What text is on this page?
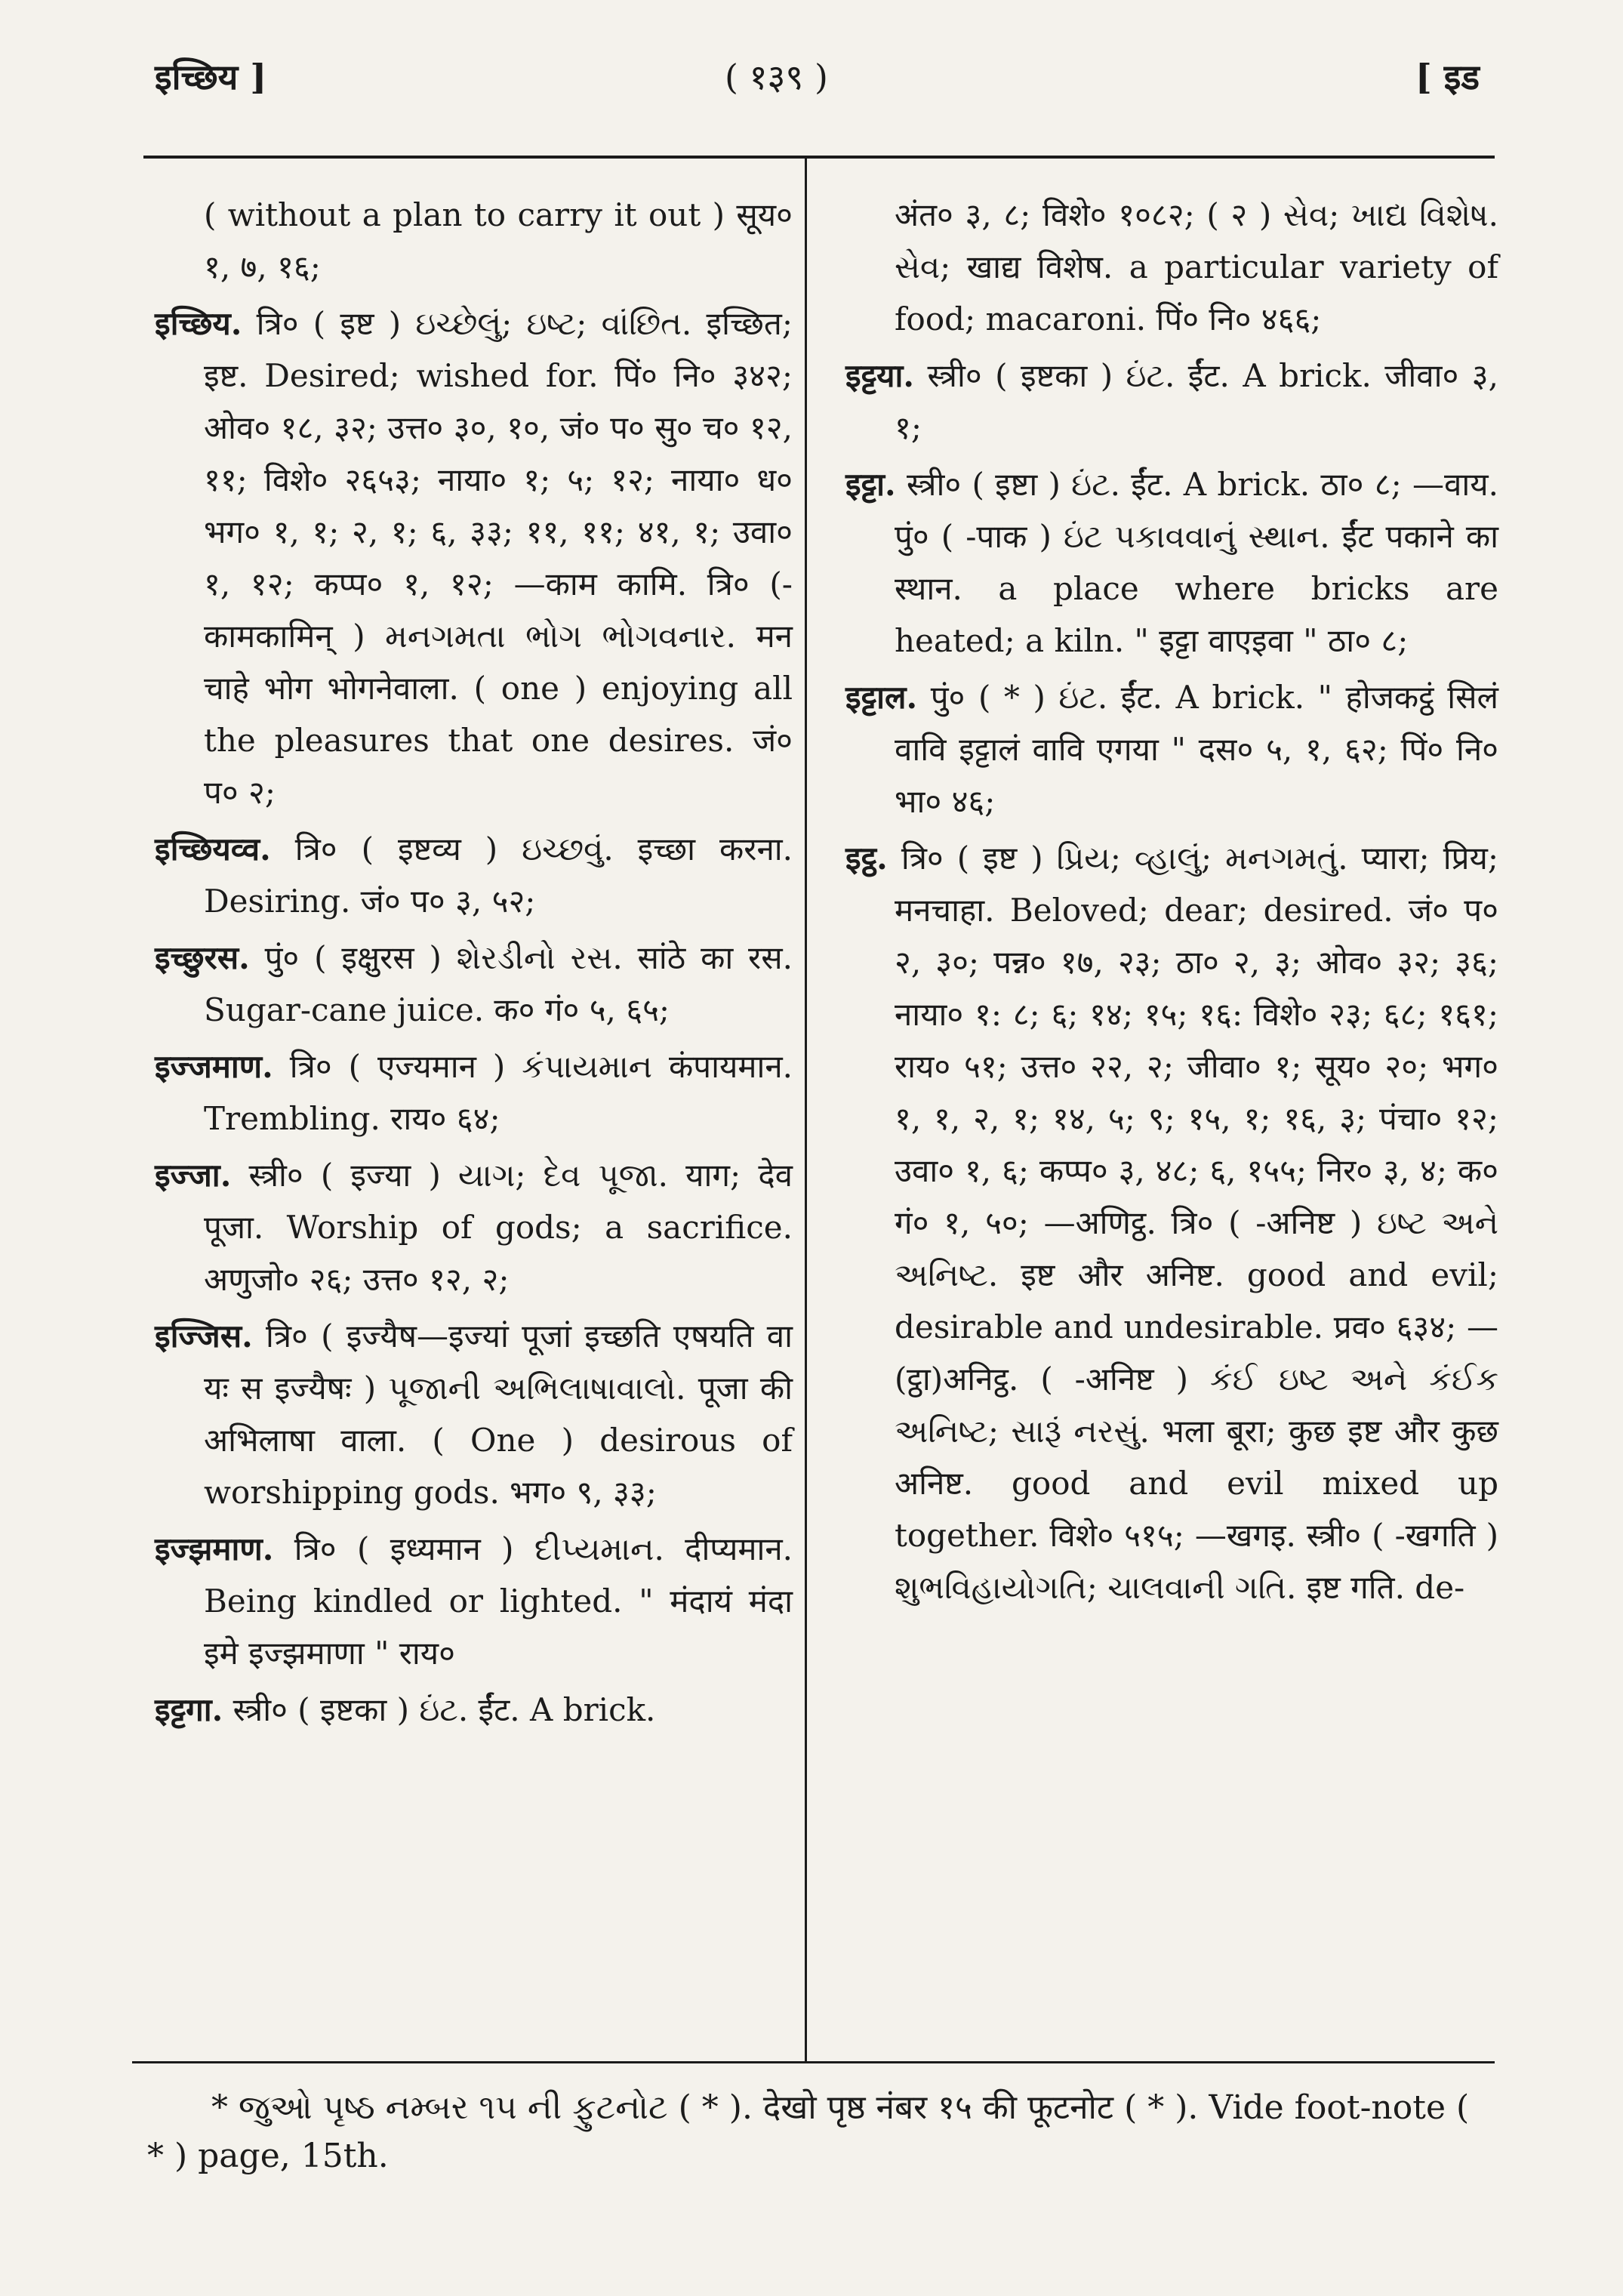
इच्छिय ]	( १३९ )	[ इड

( without a plan to carry it out ) सूय० १, ७, १६;

इच्छिय. त्रि० ( इष्ट ) ઇચ્છેલું; ઇષ્ટ; વાંછિત. इच्छित; इष्ट. Desired; wished for. पिं० नि० ३४२; ओव० १८, ३२; उत्त० ३०, १०, जं० प० सु० च० १२, ११; विशे० २६५३; नाया० १; ५; १२; नाया० ध० भग० १, १; २, १; ६, ३३; ११, ११; ४१, १; उवा० १, १२; कप्प० १, १२; —काम कामि. त्रि० (-कामकामिन् ) મનગમતા ભોગ ભોગવનાર. मन चाहे भोग भोगनेवाला. ( one ) enjoying all the pleasures that one desires. जं० प० २;

इच्छियव्व. त्रि० ( इष्टव्य ) ઇચ્છવું. इच्छा करना. Desiring. जं० प० ३, ५२;

इच्छुरस. पुं० ( इक्षुरस ) શેરડીનો રસ. सांठे का रस. Sugar-cane juice. क० गं० ५, ६५;

इज्जमाण. त्रि० ( एज्यमान ) કંપાયમાન कंपायमान. Trembling. राय० ६४;

इज्जा. स्त्री० ( इज्या ) યાગ; દેવ પૂજા. याग; देव पूजा. Worship of gods; a sacrifice. अणुजो० २६; उत्त० १२, २;

इज्जिस. त्रि० ( इज्यैष—इज्यां पूजां इच्छति एषयति वा यः स इज्यैषः ) પૂજાની અભિલાષાવાલો. पूजा की अभिलाषा वाला. ( One ) desirous of worshipping gods. भग० ९, ३३;

इज्झमाण. त्रि० ( इध्यमान ) દીપ્યમાન. दीप्यमान. Being kindled or lighted. " मंदायं मंदा इमे इज्झमाणा " राय०

इट्टगा. स्त्री० ( इष्टका ) ઇંટ. ईंट. A brick.

अंत० ३, ८; विशे० १०८२; ( २ ) સેવ; ખાદ્ય વિશેષ. સેવ; खाद्य विशेष. a particular variety of food; macaroni. पिं० नि० ४६६;

इट्टया. स्त्री० ( इष्टका ) ઇંટ. ईंट. A brick. जीवा० ३, १;

इट्टा. स्त्री० ( इष्टा ) ઇંટ. ईंट. A brick. ठा० ८; —वाय. पुं० ( -पाक ) ઇંટ પકાવવાનું સ્થાન. ईंट पकाने का स्थान. a place where bricks are heated; a kiln. " इट्टा वाएइवा " ठा० ८;

इट्टाल. पुं० ( * ) ઇંટ. ईंट. A brick. " होजकट्ठं सिलं वावि इट्टालं वावि एगया " दस० ५, १, ६२; पिं० नि० भा० ४६;

इट्ठ. त्रि० ( इष्ट ) પ્રિય; વ્હાલું; મનગમતું. प्यारा; प्रिय; मनचाहा. Beloved; dear; desired. जं० प० २, ३०; पन्न० १७, २३; ठा० २, ३; ओव० ३२; ३६; नाया० १: ८; ६; १४; १५; १६: विशे० २३; ६८; १६१; राय० ५१; उत्त० २२, २; जीवा० १; सूय० २०; भग० १, १, २, १; १४, ५; ९; १५, १; १६, ३; पंचा० १२; उवा० १, ६; कप्प० ३, ४८; ६, १५५; निर० ३, ४; क० गं० १, ५०; —अणिट्ठ. त्रि० ( -अनिष्ट ) ઇષ્ટ અને અનિષ્ટ. इष्ट और अनिष्ट. good and evil; desirable and undesirable. प्रव० ६३४; —(ट्ठा)अनिट्ठ. ( -अनिष्ट ) કંઈ ઇષ્ટ અને કંઈક અનિષ્ટ; સારૂં નરસું. भला बूरा; कुछ इष्ट और कुछ अनिष्ट. good and evil mixed up together. विशे० ५१५; —खगइ. स्त्री० ( -खगति ) શુભવિહાયોગતિ; ચાલવાની ગતિ. इष्ट गति. de-

* જુઓ પૃષ્ઠ નમ્બર ૧૫ ની ફુટનોટ ( * ). देखो पृष्ठ नंबर १५ की फूटनोट ( * ). Vide foot-note ( * ) page, 15th.
